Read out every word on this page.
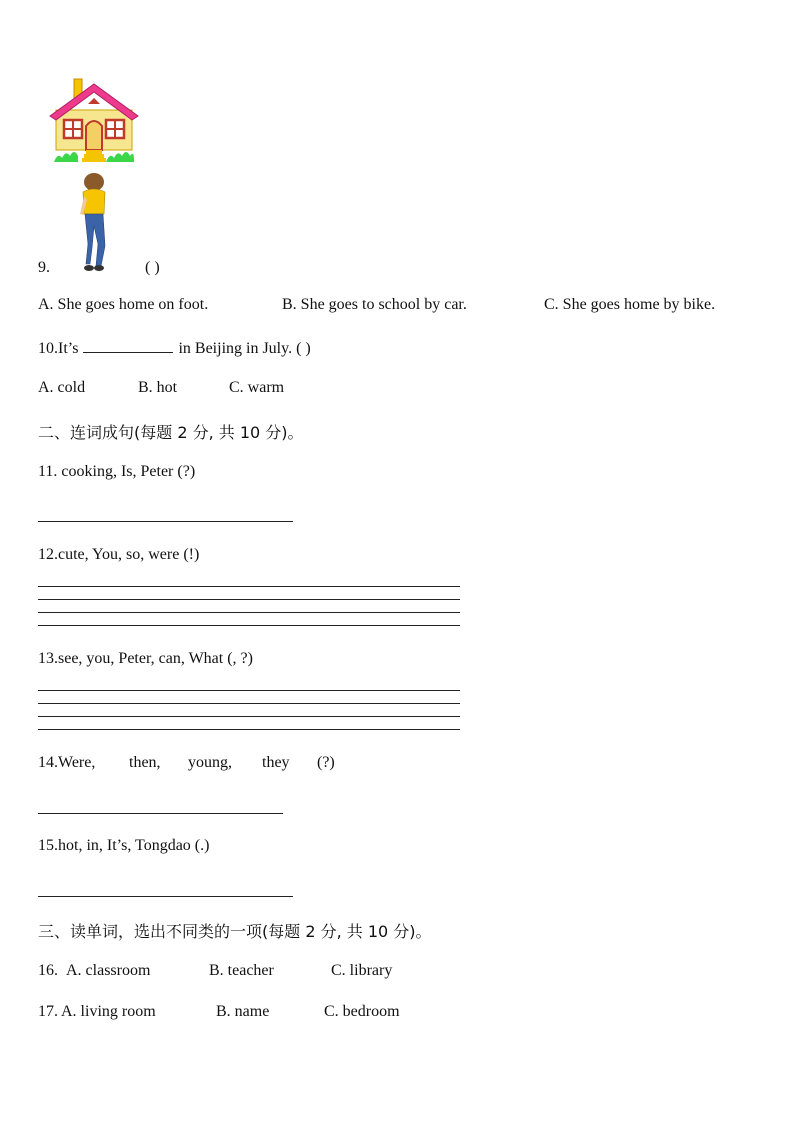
9.	( )
A. She goes home on foot.	B. She goes to school by car.	C. She goes home by bike.
10.It’s	in Beijing in July. ( )
A. cold	B. hot	C. warm
二、连词成句(每题 2 分, 共 10 分)。
11. cooking, Is, Peter (?)
12.cute, You, so, were (!)
13.see, you, Peter, can, What (, ?)
14.Were, then, young, they (?)
15.hot, in, It’s, Tongdao (.)
三、读单词，选出不同类的一项(每题 2 分, 共 10 分)。
16. A. classroom	B. teacher	C. library
17. A. living room	B. name	C. bedroom
